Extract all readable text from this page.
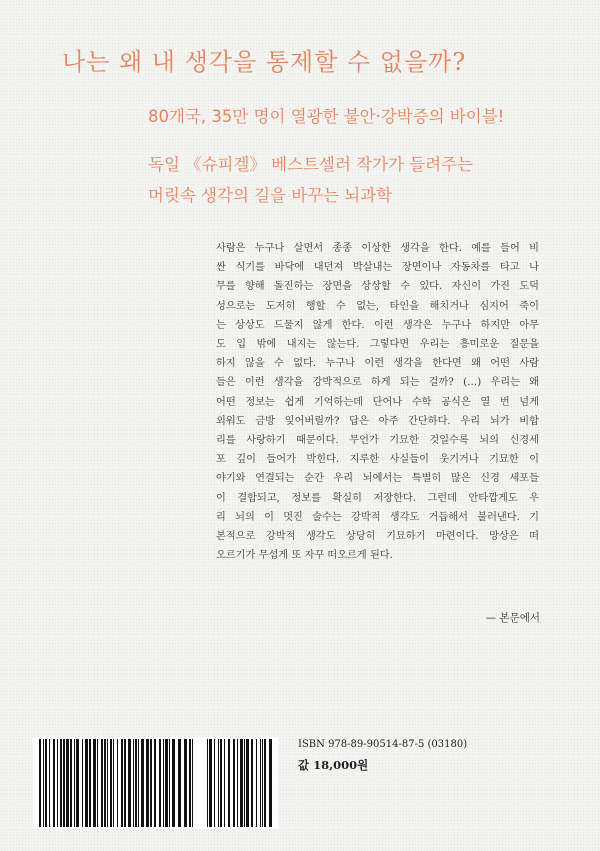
나는 왜 내 생각을 통제할 수 없을까?

80개국, 35만 명이 열광한 불안·강박증의 바이블!

독일 《슈피겔》 베스트셀러 작가가 들려주는
머릿속 생각의 길을 바꾸는 뇌과학

사람은 누구나 살면서 종종 이상한 생각을 한다. 예를 들어 비
싼 식기를 바닥에 내던져 박살내는 장면이나 자동차를 타고 나
무를 향해 돌진하는 장면을 상상할 수 있다. 자신이 가진 도덕
성으로는 도저히 행할 수 없는, 타인을 해치거나 심지어 죽이
는 상상도 드물지 않게 한다. 이런 생각은 누구나 하지만 아무
도 입 밖에 내지는 않는다. 그렇다면 우리는 흥미로운 질문을
하지 않을 수 없다. 누구나 이런 생각을 한다면 왜 어떤 사람
들은 이런 생각을 강박적으로 하게 되는 걸까? (…) 우리는 왜
어떤 정보는 쉽게 기억하는데 단어나 수학 공식은 열 번 넘게
외워도 금방 잊어버릴까? 답은 아주 간단하다. 우리 뇌가 비합
리를 사랑하기 때문이다. 무언가 기묘한 것일수록 뇌의 신경세
포 깊이 들어가 박힌다. 지루한 사실들이 웃기거나 기묘한 이
야기와 연결되는 순간 우리 뇌에서는 특별히 많은 신경 세포들
이 결합되고, 정보를 확실히 저장한다. 그런데 안타깝게도 우
리 뇌의 이 멋진 술수는 강박적 생각도 거듭해서 불러낸다. 기
본적으로 강박적 생각도 상당히 기묘하기 마련이다. 망상은 떠
오르기가 무섭게 또 자꾸 떠오르게 된다.

— 본문에서

ISBN 978-89-90514-87-5 (03180)

값 18,000원
